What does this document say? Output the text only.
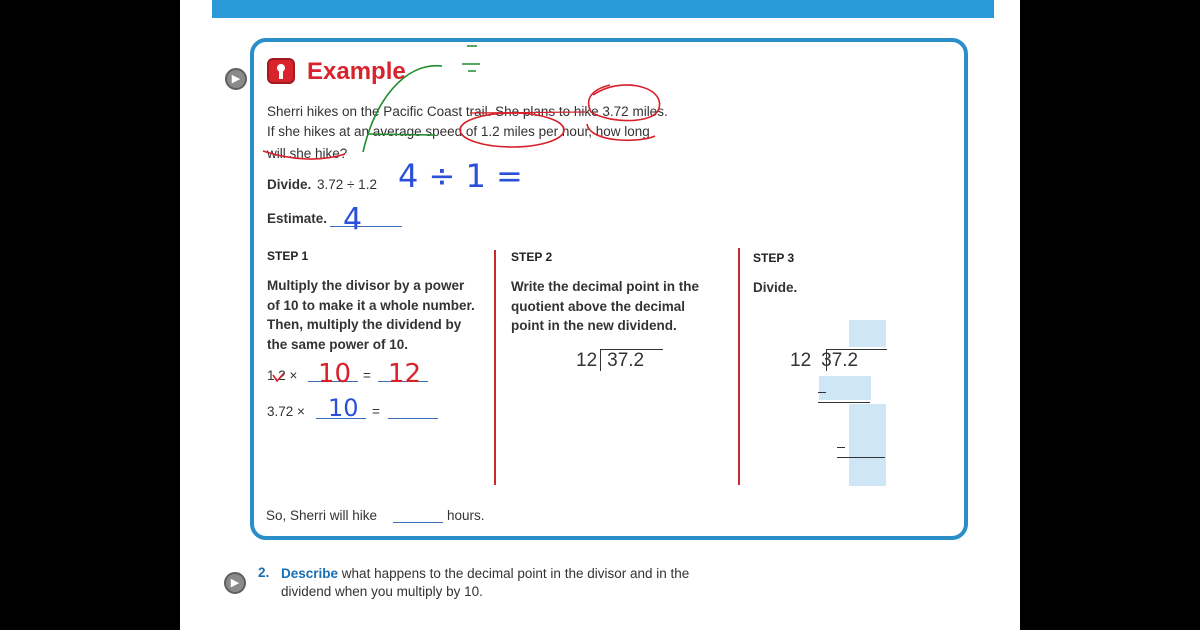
▶	Example
Sherri hikes on the Pacific Coast trail. She plans to hike 3.72 miles.
If she hikes at an average speed of 1.2 miles per hour, how long
will she hike?
Divide. 3.72 ÷ 1.2
Estimate.
STEP 1
Multiply the divisor by a power
of 10 to make it a whole number.
Then, multiply the dividend by
the same power of 10.
1.2 ×	=
3.72 ×	=
STEP 2
Write the decimal point in the
quotient above the decimal
point in the new dividend.
12 37.2
STEP 3
Divide.
12 37.2
So, Sherri will hike	hours.
▶
2. Describe what happens to the decimal point in the divisor and in the
dividend when you multiply by 10.
4 ÷ 1 =
4
10 12
10
